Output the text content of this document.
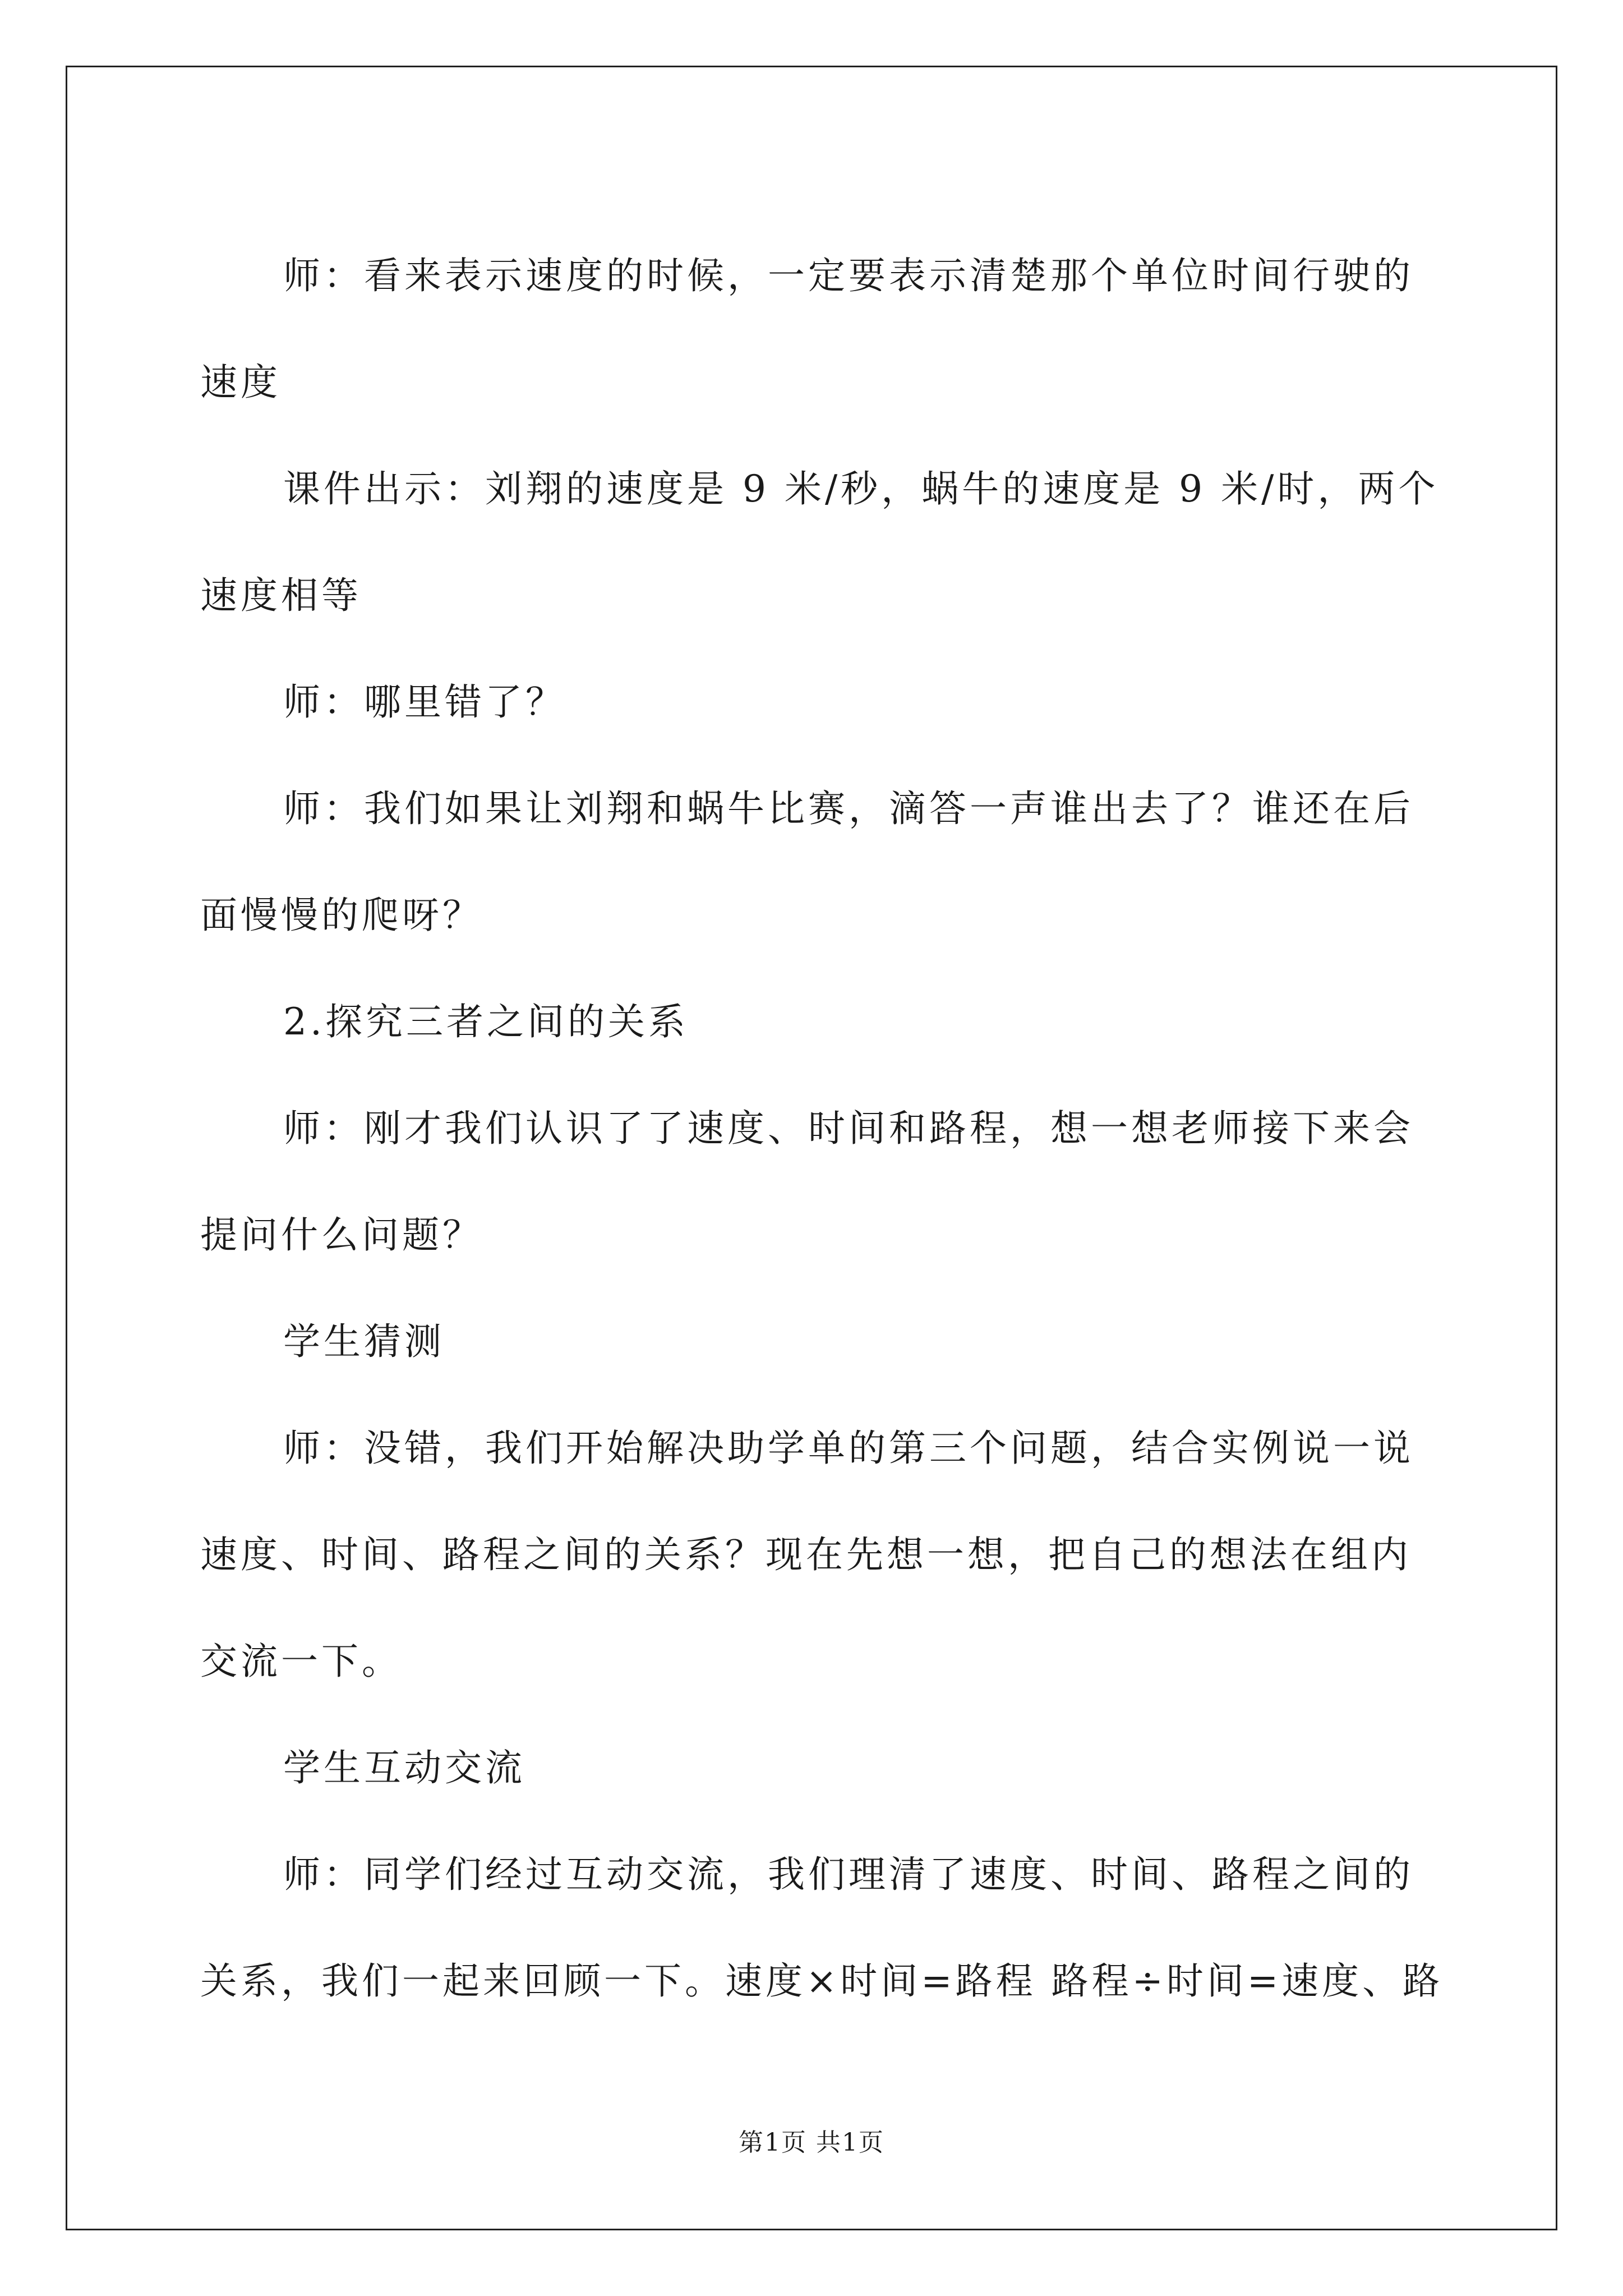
师：看来表示速度的时候，一定要表示清楚那个单位时间行驶的
速度
课件出示：刘翔的速度是 9 米/秒，蜗牛的速度是 9 米/时，两个
速度相等
师：哪里错了？
师：我们如果让刘翔和蜗牛比赛，滴答一声谁出去了？谁还在后
面慢慢的爬呀？
2.探究三者之间的关系
师：刚才我们认识了了速度、时间和路程，想一想老师接下来会
提问什么问题？
学生猜测
师：没错，我们开始解决助学单的第三个问题，结合实例说一说
速度、时间、路程之间的关系？现在先想一想，把自己的想法在组内
交流一下。
学生互动交流
师：同学们经过互动交流，我们理清了速度、时间、路程之间的
关系，我们一起来回顾一下。速度×时间=路程 路程÷时间=速度、路

第1页 共1页
